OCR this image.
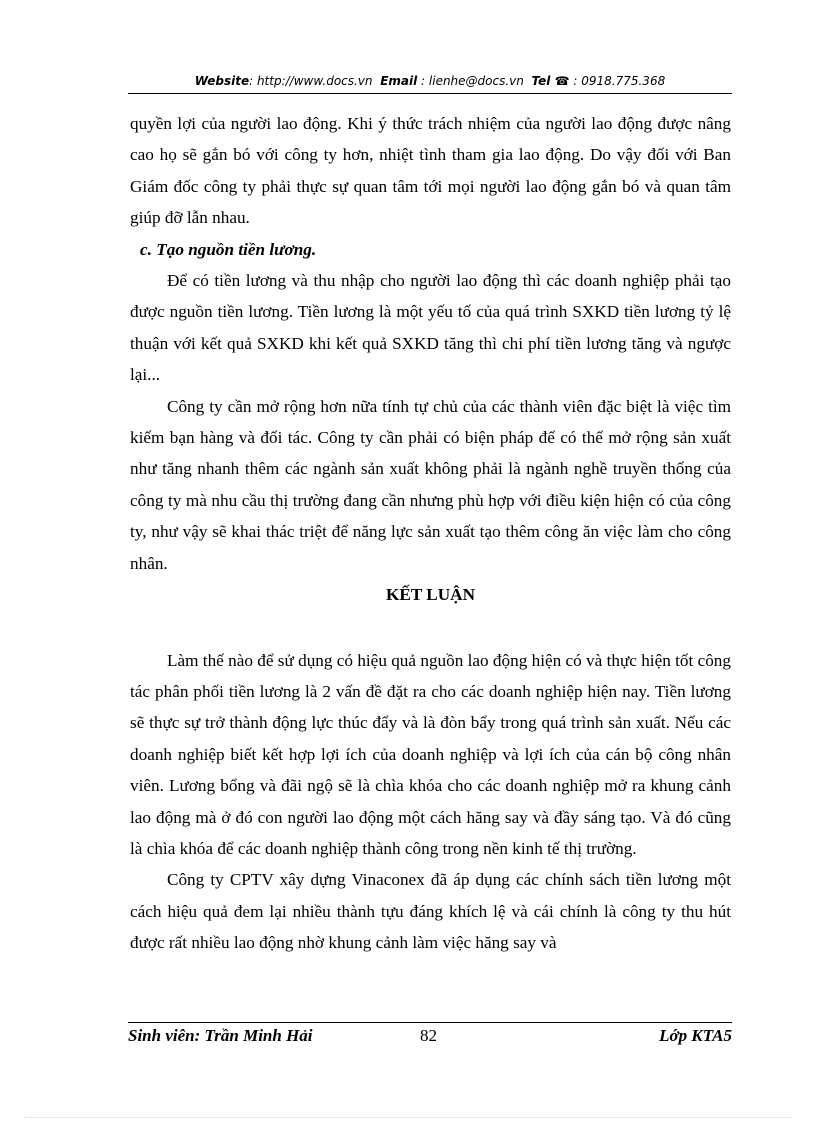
Website: http://www.docs.vn Email : lienhe@docs.vn Tel ☎ : 0918.775.368

quyền lợi của người lao động. Khi ý thức trách nhiệm của người lao động được nâng cao họ sẽ gắn bó với công ty hơn, nhiệt tình tham gia lao động. Do vậy đối với Ban Giám đốc công ty phải thực sự quan tâm tới mọi người lao động gắn bó và quan tâm giúp đỡ lẫn nhau.

c. Tạo nguồn tiền lương.

Để có tiền lương và thu nhập cho người lao động thì các doanh nghiệp phải tạo được nguồn tiền lương. Tiền lương là một yếu tố của quá trình SXKD tiền lương tỷ lệ thuận với kết quả SXKD khi kết quả SXKD tăng thì chi phí tiền lương tăng và ngược lại...

Công ty cần mở rộng hơn nữa tính tự chủ của các thành viên đặc biệt là việc tìm kiếm bạn hàng và đối tác. Công ty cần phải có biện pháp để có thể mở rộng sản xuất như tăng nhanh thêm các ngành sản xuất không phải là ngành nghề truyền thống của công ty mà nhu cầu thị trường đang cần nhưng phù hợp với điều kiện hiện có của công ty, như vậy sẽ khai thác triệt để năng lực sản xuất tạo thêm công ăn việc làm cho công nhân.

KẾT LUẬN

Làm thế nào để sử dụng có hiệu quả nguồn lao động hiện có và thực hiện tốt công tác phân phối tiền lương là 2 vấn đề đặt ra cho các doanh nghiệp hiện nay. Tiền lương sẽ thực sự trở thành động lực thúc đẩy và là đòn bẩy trong quá trình sản xuất. Nếu các doanh nghiệp biết kết hợp lợi ích của doanh nghiệp và lợi ích của cán bộ công nhân viên. Lương bổng và đãi ngộ sẽ là chìa khóa cho các doanh nghiệp mở ra khung cảnh lao động mà ở đó con người lao động một cách hăng say và đầy sáng tạo. Và đó cũng là chìa khóa để các doanh nghiệp thành công trong nền kinh tế thị trường.

Công ty CPTV xây dựng Vinaconex đã áp dụng các chính sách tiền lương một cách hiệu quả đem lại nhiều thành tựu đáng khích lệ và cái chính là công ty thu hút được rất nhiều lao động nhờ khung cảnh làm việc hăng say và

Sinh viên: Trần Minh Hải	82	Lớp KTA5
